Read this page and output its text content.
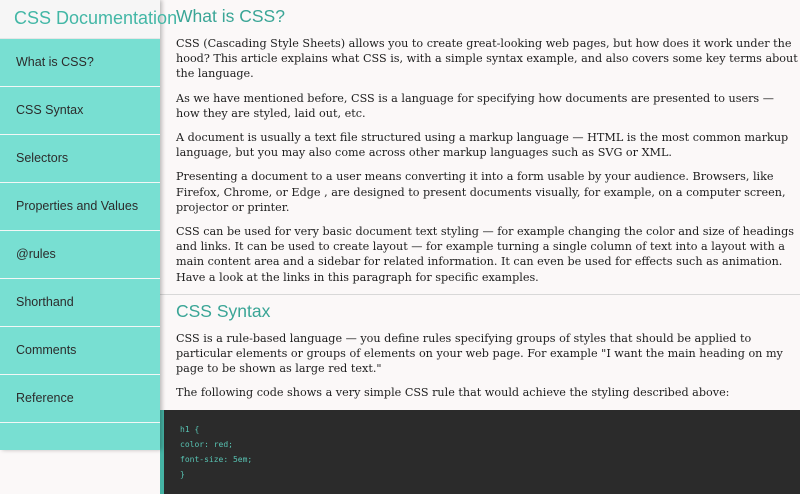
CSS Documentation
What is CSS?
CSS Syntax
Selectors
Properties and Values
@rules
Shorthand
Comments
Reference
What is CSS?

CSS (Cascading Style Sheets) allows you to create great-looking web pages, but how does it work under the hood? This article explains what CSS is, with a simple syntax example, and also covers some key terms about the language.

As we have mentioned before, CSS is a language for specifying how documents are presented to users — how they are styled, laid out, etc.

A document is usually a text file structured using a markup language — HTML is the most common markup language, but you may also come across other markup languages such as SVG or XML.

Presenting a document to a user means converting it into a form usable by your audience. Browsers, like Firefox, Chrome, or Edge , are designed to present documents visually, for example, on a computer screen, projector or printer.

CSS can be used for very basic document text styling — for example changing the color and size of headings and links. It can be used to create layout — for example turning a single column of text into a layout with a main content area and a sidebar for related information. It can even be used for effects such as animation. Have a look at the links in this paragraph for specific examples.

CSS Syntax

CSS is a rule-based language — you define rules specifying groups of styles that should be applied to particular elements or groups of elements on your web page. For example "I want the main heading on my page to be shown as large red text."

The following code shows a very simple CSS rule that would achieve the styling described above:

h1 {
color: red;
font-size: 5em;
}
